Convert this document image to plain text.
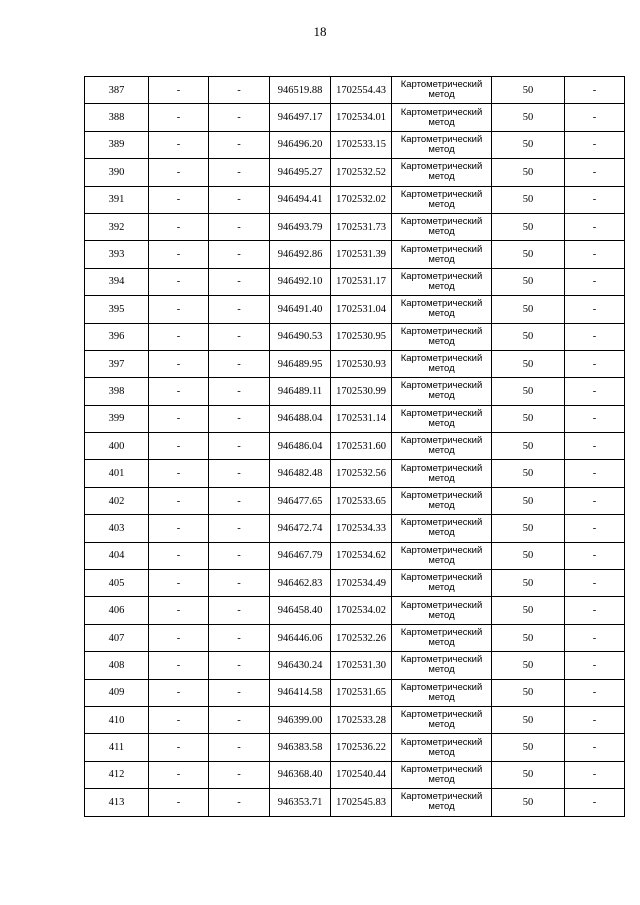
18
387	-	-	946519.88	1702554.43	Картометрический метод	50	-
388	-	-	946497.17	1702534.01	Картометрический метод	50	-
389	-	-	946496.20	1702533.15	Картометрический метод	50	-
390	-	-	946495.27	1702532.52	Картометрический метод	50	-
391	-	-	946494.41	1702532.02	Картометрический метод	50	-
392	-	-	946493.79	1702531.73	Картометрический метод	50	-
393	-	-	946492.86	1702531.39	Картометрический метод	50	-
394	-	-	946492.10	1702531.17	Картометрический метод	50	-
395	-	-	946491.40	1702531.04	Картометрический метод	50	-
396	-	-	946490.53	1702530.95	Картометрический метод	50	-
397	-	-	946489.95	1702530.93	Картометрический метод	50	-
398	-	-	946489.11	1702530.99	Картометрический метод	50	-
399	-	-	946488.04	1702531.14	Картометрический метод	50	-
400	-	-	946486.04	1702531.60	Картометрический метод	50	-
401	-	-	946482.48	1702532.56	Картометрический метод	50	-
402	-	-	946477.65	1702533.65	Картометрический метод	50	-
403	-	-	946472.74	1702534.33	Картометрический метод	50	-
404	-	-	946467.79	1702534.62	Картометрический метод	50	-
405	-	-	946462.83	1702534.49	Картометрический метод	50	-
406	-	-	946458.40	1702534.02	Картометрический метод	50	-
407	-	-	946446.06	1702532.26	Картометрический метод	50	-
408	-	-	946430.24	1702531.30	Картометрический метод	50	-
409	-	-	946414.58	1702531.65	Картометрический метод	50	-
410	-	-	946399.00	1702533.28	Картометрический метод	50	-
411	-	-	946383.58	1702536.22	Картометрический метод	50	-
412	-	-	946368.40	1702540.44	Картометрический метод	50	-
413	-	-	946353.71	1702545.83	Картометрический метод	50	-
